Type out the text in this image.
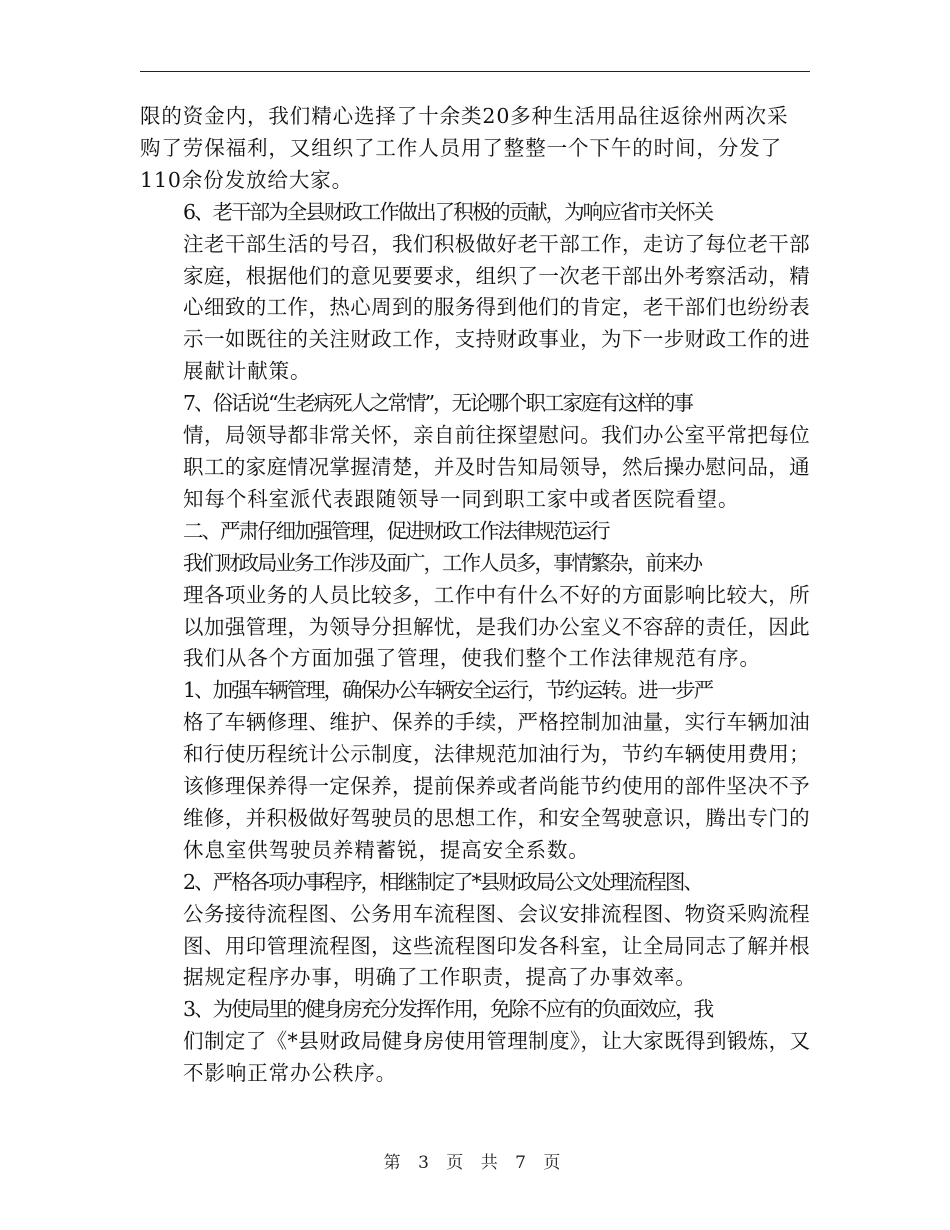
限的资金内，我们精心选择了十余类20多种生活用品往返徐州两次采
购了劳保福利，又组织了工作人员用了整整一个下午的时间，分发了
110余份发放给大家。

6、老干部为全县财政工作做出了积极的贡献，为响应省市关怀关
注老干部生活的号召，我们积极做好老干部工作，走访了每位老干部
家庭，根据他们的意见要要求，组织了一次老干部出外考察活动，精
心细致的工作，热心周到的服务得到他们的肯定，老干部们也纷纷表
示一如既往的关注财政工作，支持财政事业，为下一步财政工作的进
展献计献策。

7、俗话说“生老病死人之常情”，无论哪个职工家庭有这样的事
情，局领导都非常关怀，亲自前往探望慰问。我们办公室平常把每位
职工的家庭情况掌握清楚，并及时告知局领导，然后操办慰问品，通
知每个科室派代表跟随领导一同到职工家中或者医院看望。

二、严肃仔细加强管理，促进财政工作法律规范运行

我们财政局业务工作涉及面广，工作人员多，事情繁杂，前来办
理各项业务的人员比较多，工作中有什么不好的方面影响比较大，所
以加强管理，为领导分担解忧，是我们办公室义不容辞的责任，因此
我们从各个方面加强了管理，使我们整个工作法律规范有序。

1、加强车辆管理，确保办公车辆安全运行，节约运转。进一步严
格了车辆修理、维护、保养的手续，严格控制加油量，实行车辆加油
和行使历程统计公示制度，法律规范加油行为，节约车辆使用费用；
该修理保养得一定保养，提前保养或者尚能节约使用的部件坚决不予
维修，并积极做好驾驶员的思想工作，和安全驾驶意识，腾出专门的
休息室供驾驶员养精蓄锐，提高安全系数。

2、严格各项办事程序，相继制定了*县财政局公文处理流程图、
公务接待流程图、公务用车流程图、会议安排流程图、物资采购流程
图、用印管理流程图，这些流程图印发各科室，让全局同志了解并根
据规定程序办事，明确了工作职责，提高了办事效率。

3、为使局里的健身房充分发挥作用，免除不应有的负面效应，我
们制定了《*县财政局健身房使用管理制度》，让大家既得到锻炼，又
不影响正常办公秩序。

第 3 页 共 7 页
